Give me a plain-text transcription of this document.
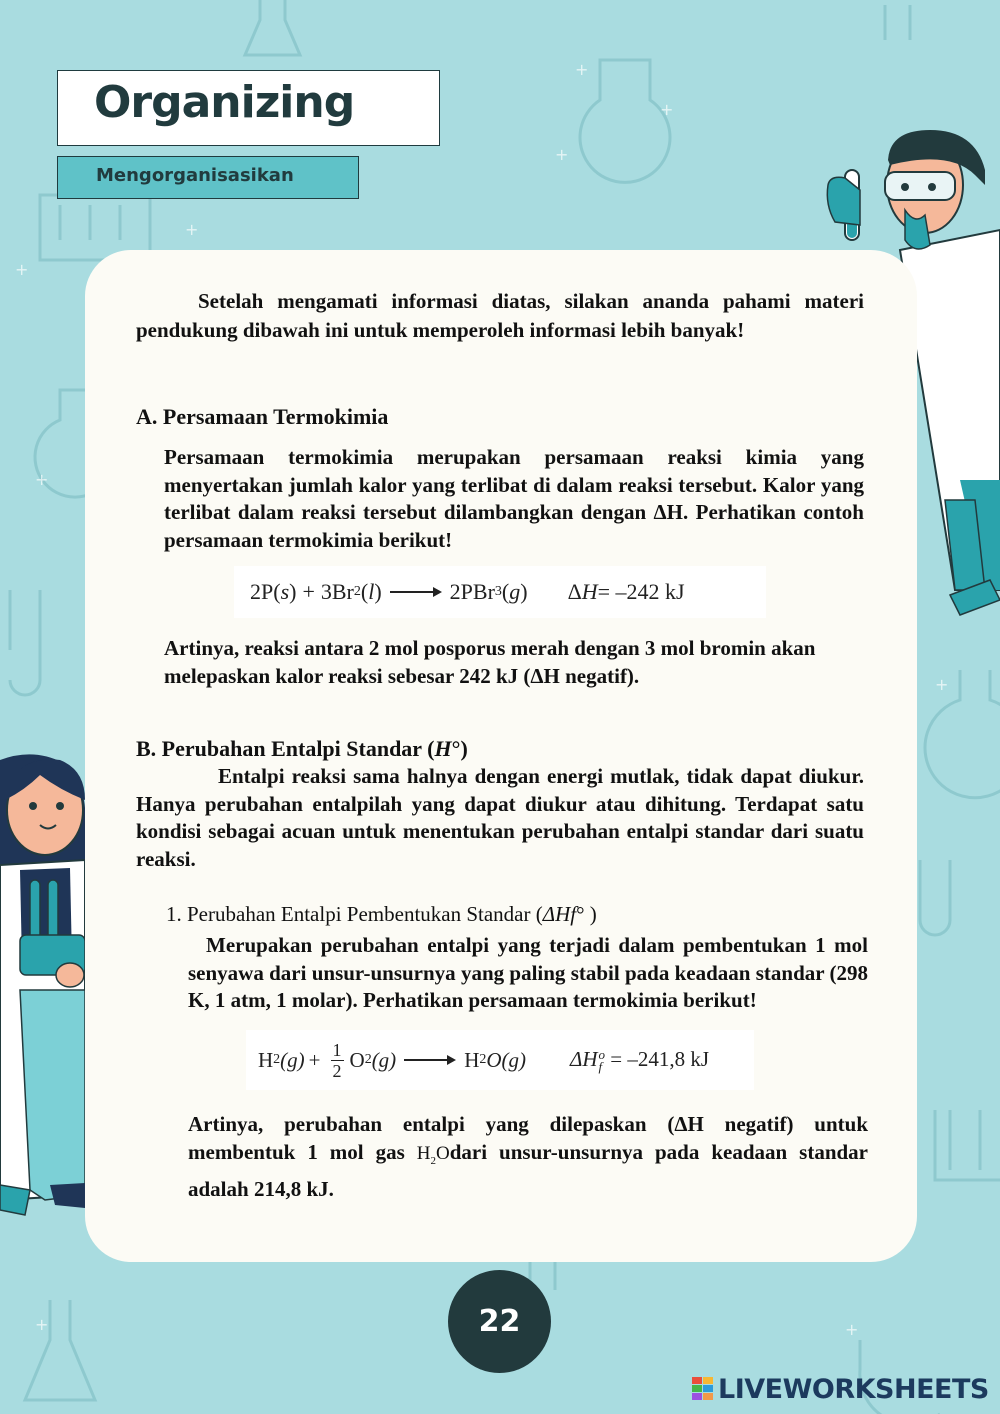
+
+
+
+
+
+
+
+
+
Organizing
Mengorganisasikan
Setelah mengamati informasi diatas, silakan ananda pahami materi pendukung dibawah ini untuk memperoleh informasi lebih banyak!
A. Persamaan Termokimia
Persamaan termokimia merupakan persamaan reaksi kimia yang menyertakan jumlah kalor yang terlibat di dalam reaksi tersebut. Kalor yang terlibat dalam reaksi tersebut dilambangkan dengan ΔH. Perhatikan contoh persamaan termokimia berikut!
2P( s ) + 3Br 2 ( l )	2PBr 3 ( g ) Δ H = –242 kJ
Artinya, reaksi antara 2 mol posporus merah dengan 3 mol bromin akan melepaskan kalor reaksi sebesar 242 kJ (ΔH negatif).
B. Perubahan Entalpi Standar (H°)
Entalpi reaksi sama halnya dengan energi mutlak, tidak dapat diukur. Hanya perubahan entalpilah yang dapat diukur atau dihitung. Terdapat satu kondisi sebagai acuan untuk menentukan perubahan entalpi standar dari suatu reaksi.
1. Perubahan Entalpi Pembentukan Standar (ΔHf° )
Merupakan perubahan entalpi yang terjadi dalam pembentukan 1 mol senyawa dari unsur-unsurnya yang paling stabil pada keadaan standar (298 K, 1 atm, 1 molar). Perhatikan persamaan termokimia berikut!
H 2 $(g) + \frac{1}{2}$ O 2 (g)	H 2 O(g) ΔH o
f = –241,8 kJ
Artinya, perubahan entalpi yang dilepaskan (ΔH negatif) untuk membentuk 1 mol gas $H_2Odari$ unsur-unsurnya pada keadaan standar adalah 214,8 kJ.
22
LIVEWORKSHEETS
